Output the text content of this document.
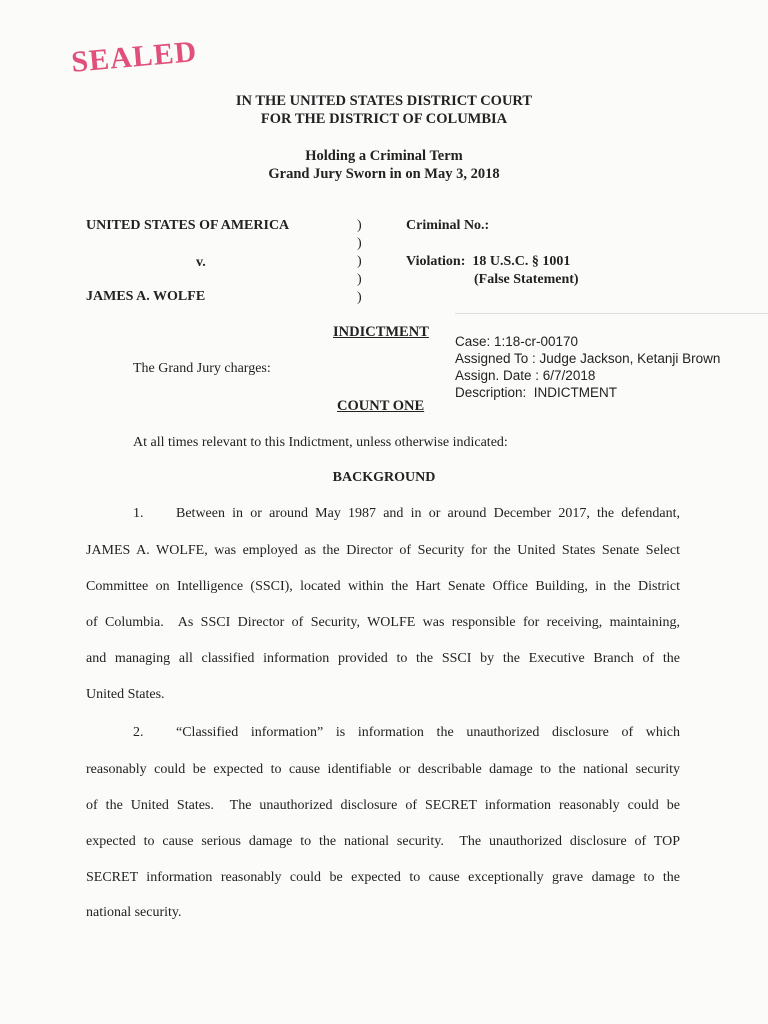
SEALED
IN THE UNITED STATES DISTRICT COURT
FOR THE DISTRICT OF COLUMBIA
Holding a Criminal Term
Grand Jury Sworn in on May 3, 2018
UNITED STATES OF AMERICA
v.
JAMES A. WOLFE
)
)
)
)
)
Criminal No.:
Violation:  18 U.S.C. § 1001
(False Statement)
INDICTMENT
Case: 1:18-cr-00170
Assigned To : Judge Jackson, Ketanji Brown
Assign. Date : 6/7/2018
Description:  INDICTMENT
The Grand Jury charges:
COUNT ONE
At all times relevant to this Indictment, unless otherwise indicated:
BACKGROUND
1. Between in or around May 1987 and in or around December 2017, the defendant,
JAMES A. WOLFE, was employed as the Director of Security for the United States Senate Select
Committee on Intelligence (SSCI), located within the Hart Senate Office Building, in the District
of Columbia.  As SSCI Director of Security, WOLFE was responsible for receiving, maintaining,
and managing all classified information provided to the SSCI by the Executive Branch of the
United States.
2. “Classified information” is information the unauthorized disclosure of which
reasonably could be expected to cause identifiable or describable damage to the national security
of the United States.  The unauthorized disclosure of SECRET information reasonably could be
expected to cause serious damage to the national security.  The unauthorized disclosure of TOP
SECRET information reasonably could be expected to cause exceptionally grave damage to the
national security.
